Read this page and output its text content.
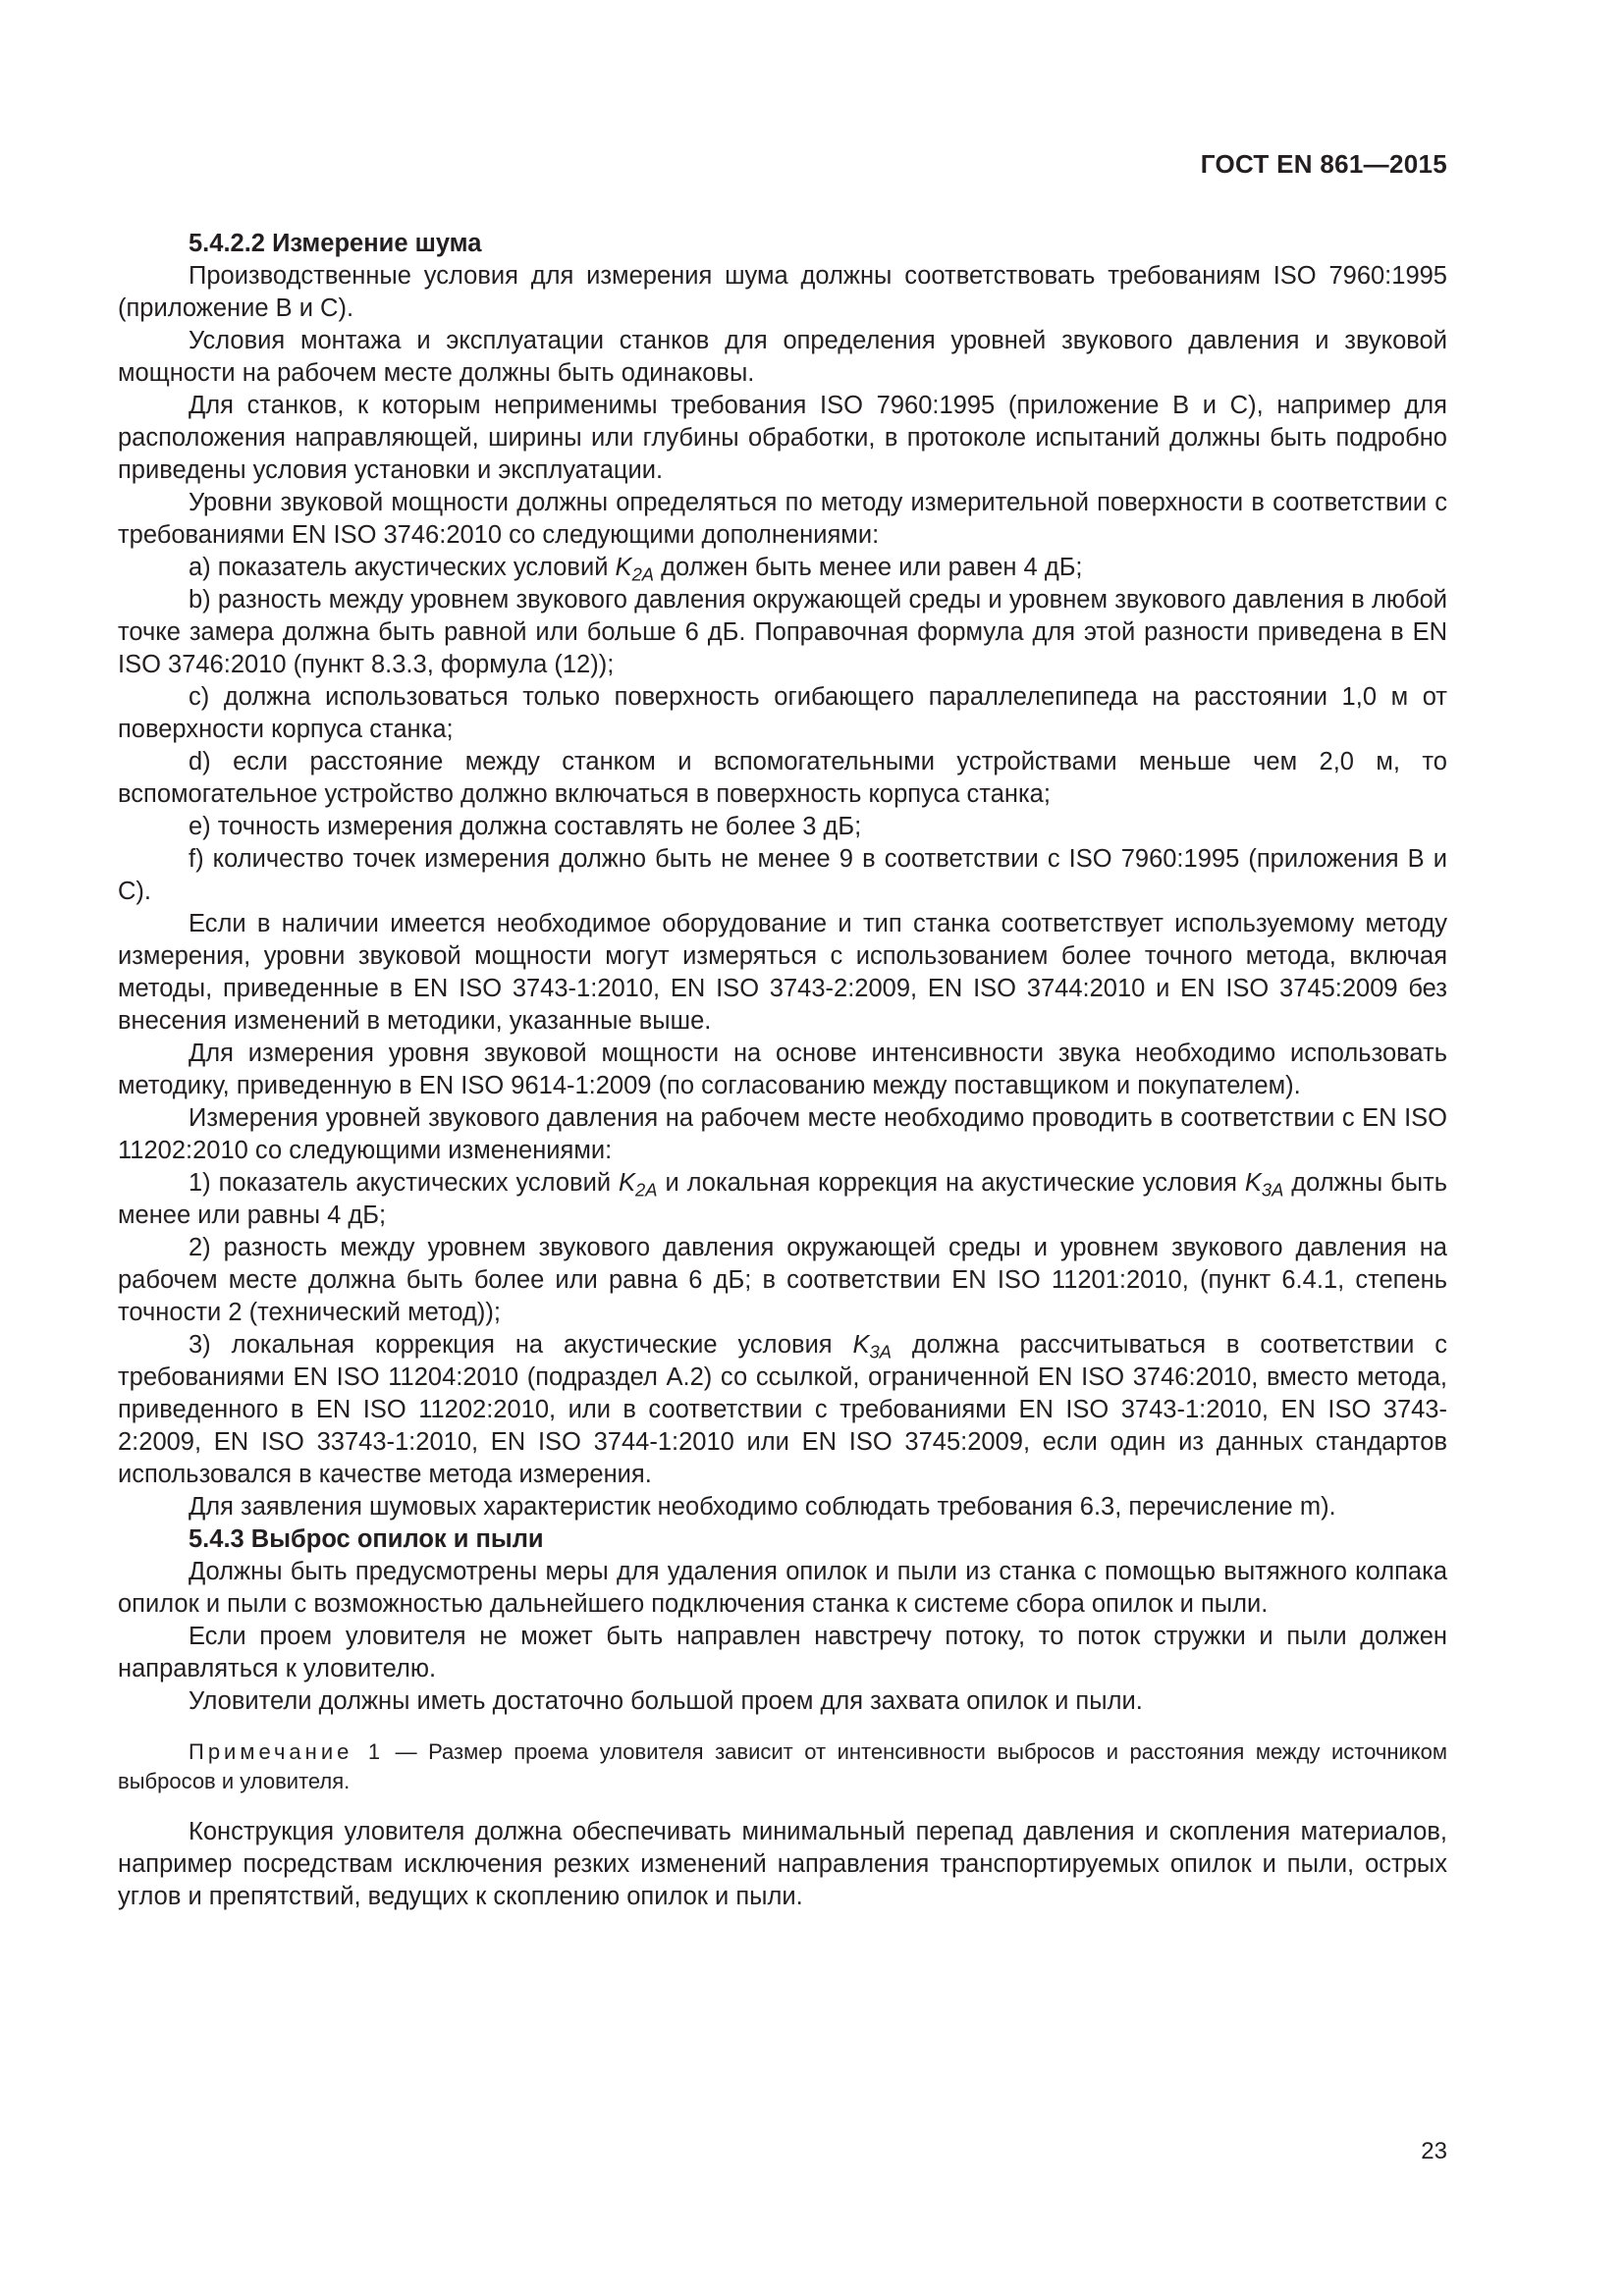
ГОСТ EN 861—2015

5.4.2.2 Измерение шума

Производственные условия для измерения шума должны соответствовать требованиям ISO 7960:1995 (приложение В и С).

Условия монтажа и эксплуатации станков для определения уровней звукового давления и звуковой мощности на рабочем месте должны быть одинаковы.

Для станков, к которым неприменимы требования ISO 7960:1995 (приложение В и С), например для расположения направляющей, ширины или глубины обработки, в протоколе испытаний должны быть подробно приведены условия установки и эксплуатации.

Уровни звуковой мощности должны определяться по методу измерительной поверхности в соответствии с требованиями EN ISO 3746:2010 со следующими дополнениями:

a) показатель акустических условий $K_{2A}$ должен быть менее или равен 4 дБ;

b) разность между уровнем звукового давления окружающей среды и уровнем звукового давления в любой точке замера должна быть равной или больше 6 дБ. Поправочная формула для этой разности приведена в EN ISO 3746:2010 (пункт 8.3.3, формула (12));

c) должна использоваться только поверхность огибающего параллелепипеда на расстоянии 1,0 м от поверхности корпуса станка;

d) если расстояние между станком и вспомогательными устройствами меньше чем 2,0 м, то вспомогательное устройство должно включаться в поверхность корпуса станка;

e) точность измерения должна составлять не более 3 дБ;

f) количество точек измерения должно быть не менее 9 в соответствии с ISO 7960:1995 (приложения В и С).

Если в наличии имеется необходимое оборудование и тип станка соответствует используемому методу измерения, уровни звуковой мощности могут измеряться с использованием более точного метода, включая методы, приведенные в EN ISO 3743-1:2010, EN ISO 3743-2:2009, EN ISO 3744:2010 и EN ISO 3745:2009 без внесения изменений в методики, указанные выше.

Для измерения уровня звуковой мощности на основе интенсивности звука необходимо использовать методику, приведенную в EN ISO 9614-1:2009 (по согласованию между поставщиком и покупателем).

Измерения уровней звукового давления на рабочем месте необходимо проводить в соответствии с EN ISO 11202:2010 со следующими изменениями:

1) показатель акустических условий $K_{2A}$ и локальная коррекция на акустические условия $K_{3A}$ должны быть менее или равны 4 дБ;

2) разность между уровнем звукового давления окружающей среды и уровнем звукового давления на рабочем месте должна быть более или равна 6 дБ; в соответствии EN ISO 11201:2010, (пункт 6.4.1, степень точности 2 (технический метод));

3) локальная коррекция на акустические условия $K_{3A}$ должна рассчитываться в соответствии с требованиями EN ISO 11204:2010 (подраздел А.2) со ссылкой, ограниченной EN ISO 3746:2010, вместо метода, приведенного в EN ISO 11202:2010, или в соответствии с требованиями EN ISO 3743-1:2010, EN ISO 3743-2:2009, EN ISO 33743-1:2010, EN ISO 3744-1:2010 или EN ISO 3745:2009, если один из данных стандартов использовался в качестве метода измерения.

Для заявления шумовых характеристик необходимо соблюдать требования 6.3, перечисление m).

5.4.3 Выброс опилок и пыли

Должны быть предусмотрены меры для удаления опилок и пыли из станка с помощью вытяжного колпака опилок и пыли с возможностью дальнейшего подключения станка к системе сбора опилок и пыли.

Если проем уловителя не может быть направлен навстречу потоку, то поток стружки и пыли должен направляться к уловителю.

Уловители должны иметь достаточно большой проем для захвата опилок и пыли.

Примечание 1 — Размер проема уловителя зависит от интенсивности выбросов и расстояния между источником выбросов и уловителя.

Конструкция уловителя должна обеспечивать минимальный перепад давления и скопления материалов, например посредствам исключения резких изменений направления транспортируемых опилок и пыли, острых углов и препятствий, ведущих к скоплению опилок и пыли.

23
